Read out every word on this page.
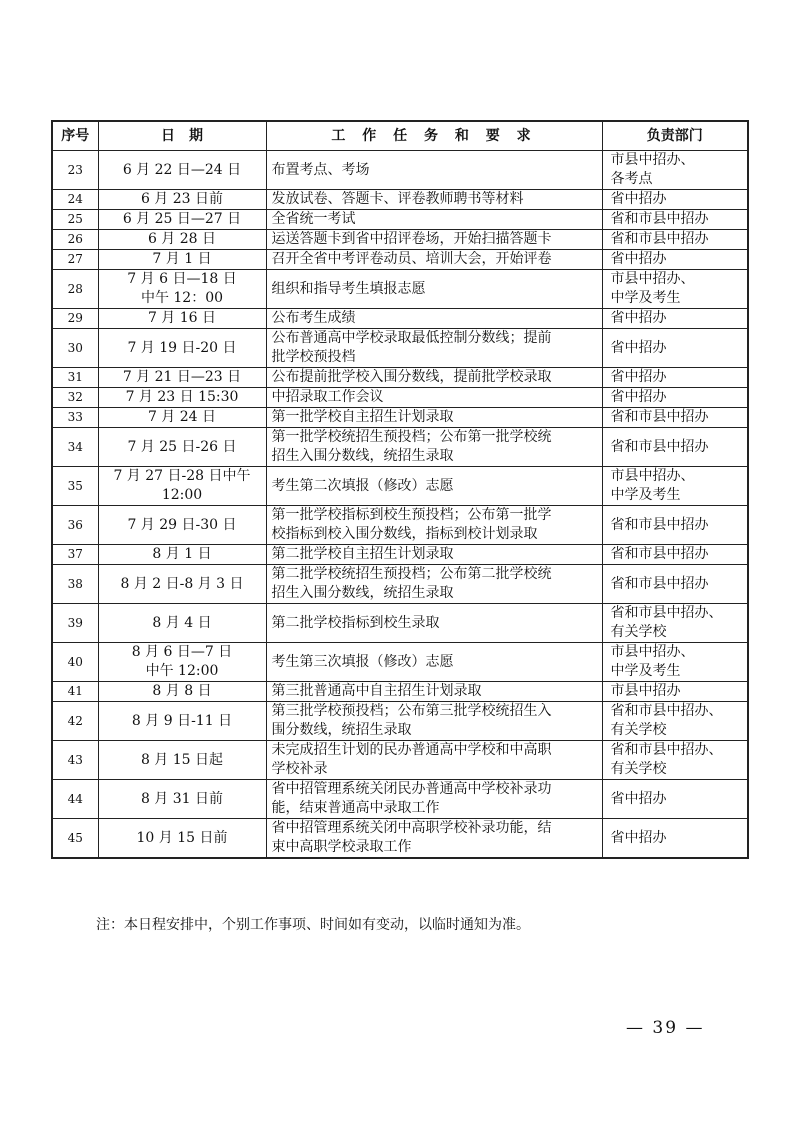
序号	日　期	工 作 任 务 和 要 求	负责部门
23	6 月 22 日—24 日	布置考点、考场	市县中招办、
各考点
24	6 月 23 日前	发放试卷、答题卡、评卷教师聘书等材料	省中招办
25	6 月 25 日—27 日	全省统一考试	省和市县中招办
26	6 月 28 日	运送答题卡到省中招评卷场，开始扫描答题卡	省和市县中招办
27	7 月 1 日	召开全省中考评卷动员、培训大会，开始评卷	省中招办
28	7 月 6 日—18 日
中午 12：00	组织和指导考生填报志愿	市县中招办、
中学及考生
29	7 月 16 日	公布考生成绩	省中招办
30	7 月 19 日-20 日	公布普通高中学校录取最低控制分数线；提前
批学校预投档	省中招办
31	7 月 21 日—23 日	公布提前批学校入围分数线，提前批学校录取	省中招办
32	7 月 23 日 15:30	中招录取工作会议	省中招办
33	7 月 24 日	第一批学校自主招生计划录取	省和市县中招办
34	7 月 25 日-26 日	第一批学校统招生预投档；公布第一批学校统
招生入围分数线，统招生录取	省和市县中招办
35	7 月 27 日-28 日中午
12:00	考生第二次填报（修改）志愿	市县中招办、
中学及考生
36	7 月 29 日-30 日	第一批学校指标到校生预投档；公布第一批学
校指标到校入围分数线，指标到校计划录取	省和市县中招办
37	8 月 1 日	第二批学校自主招生计划录取	省和市县中招办
38	8 月 2 日-8 月 3 日	第二批学校统招生预投档；公布第二批学校统
招生入围分数线，统招生录取	省和市县中招办
39	8 月 4 日	第二批学校指标到校生录取	省和市县中招办、
有关学校
40	8 月 6 日—7 日
中午 12:00	考生第三次填报（修改）志愿	市县中招办、
中学及考生
41	8 月 8 日	第三批普通高中自主招生计划录取	市县中招办
42	8 月 9 日-11 日	第三批学校预投档；公布第三批学校统招生入
围分数线，统招生录取	省和市县中招办、
有关学校
43	8 月 15 日起	未完成招生计划的民办普通高中学校和中高职
学校补录	省和市县中招办、
有关学校
44	8 月 31 日前	省中招管理系统关闭民办普通高中学校补录功
能，结束普通高中录取工作	省中招办
45	10 月 15 日前	省中招管理系统关闭中高职学校补录功能，结
束中高职学校录取工作	省中招办
注：本日程安排中，个别工作事项、时间如有变动，以临时通知为准。
— 39 —
